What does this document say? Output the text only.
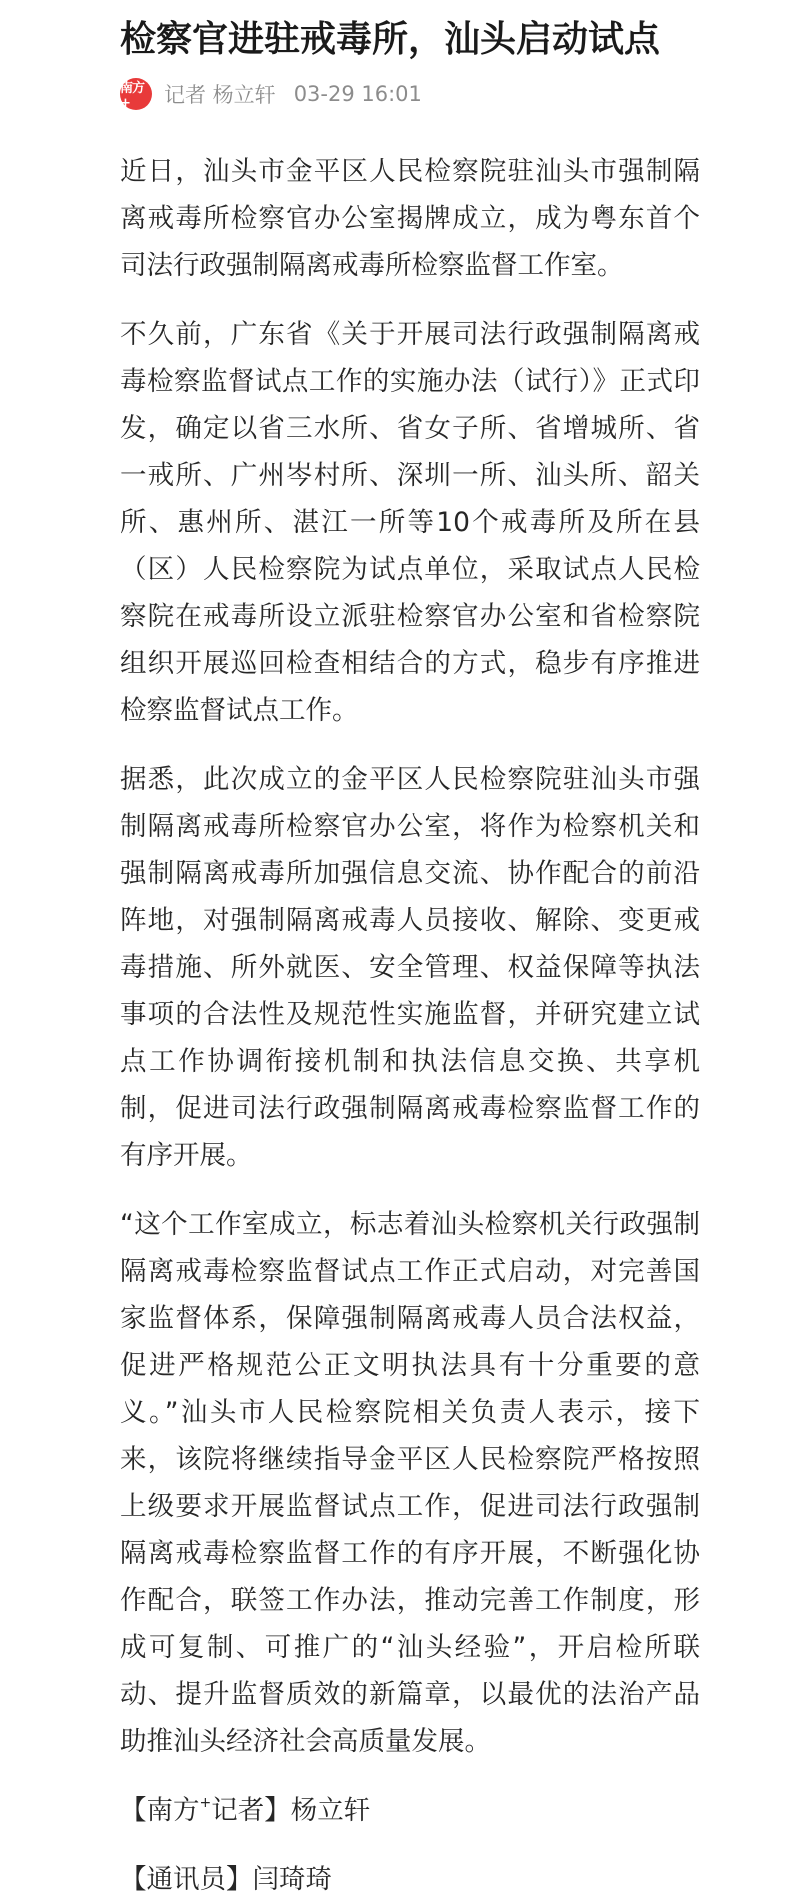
检察官进驻戒毒所，汕头启动试点
南方+	记者 杨立轩 03-29 16:01

近日，汕头市金平区人民检察院驻汕头市强制隔离戒毒所检察官办公室揭牌成立，成为粤东首个司法行政强制隔离戒毒所检察监督工作室。

不久前，广东省《关于开展司法行政强制隔离戒毒检察监督试点工作的实施办法（试行）》正式印发，确定以省三水所、省女子所、省增城所、省一戒所、广州岑村所、深圳一所、汕头所、韶关所、惠州所、湛江一所等10个戒毒所及所在县（区）人民检察院为试点单位，采取试点人民检察院在戒毒所设立派驻检察官办公室和省检察院组织开展巡回检查相结合的方式，稳步有序推进检察监督试点工作。

据悉，此次成立的金平区人民检察院驻汕头市强制隔离戒毒所检察官办公室，将作为检察机关和强制隔离戒毒所加强信息交流、协作配合的前沿阵地，对强制隔离戒毒人员接收、解除、变更戒毒措施、所外就医、安全管理、权益保障等执法事项的合法性及规范性实施监督，并研究建立试点工作协调衔接机制和执法信息交换、共享机制，促进司法行政强制隔离戒毒检察监督工作的有序开展。

“这个工作室成立，标志着汕头检察机关行政强制隔离戒毒检察监督试点工作正式启动，对完善国家监督体系，保障强制隔离戒毒人员合法权益，促进严格规范公正文明执法具有十分重要的意义。”汕头市人民检察院相关负责人表示，接下来，该院将继续指导金平区人民检察院严格按照上级要求开展监督试点工作，促进司法行政强制隔离戒毒检察监督工作的有序开展，不断强化协作配合，联签工作办法，推动完善工作制度，形成可复制、可推广的“汕头经验”，开启检所联动、提升监督质效的新篇章，以最优的法治产品助推汕头经济社会高质量发展。

【南方+记者】杨立轩

【通讯员】闫琦琦
